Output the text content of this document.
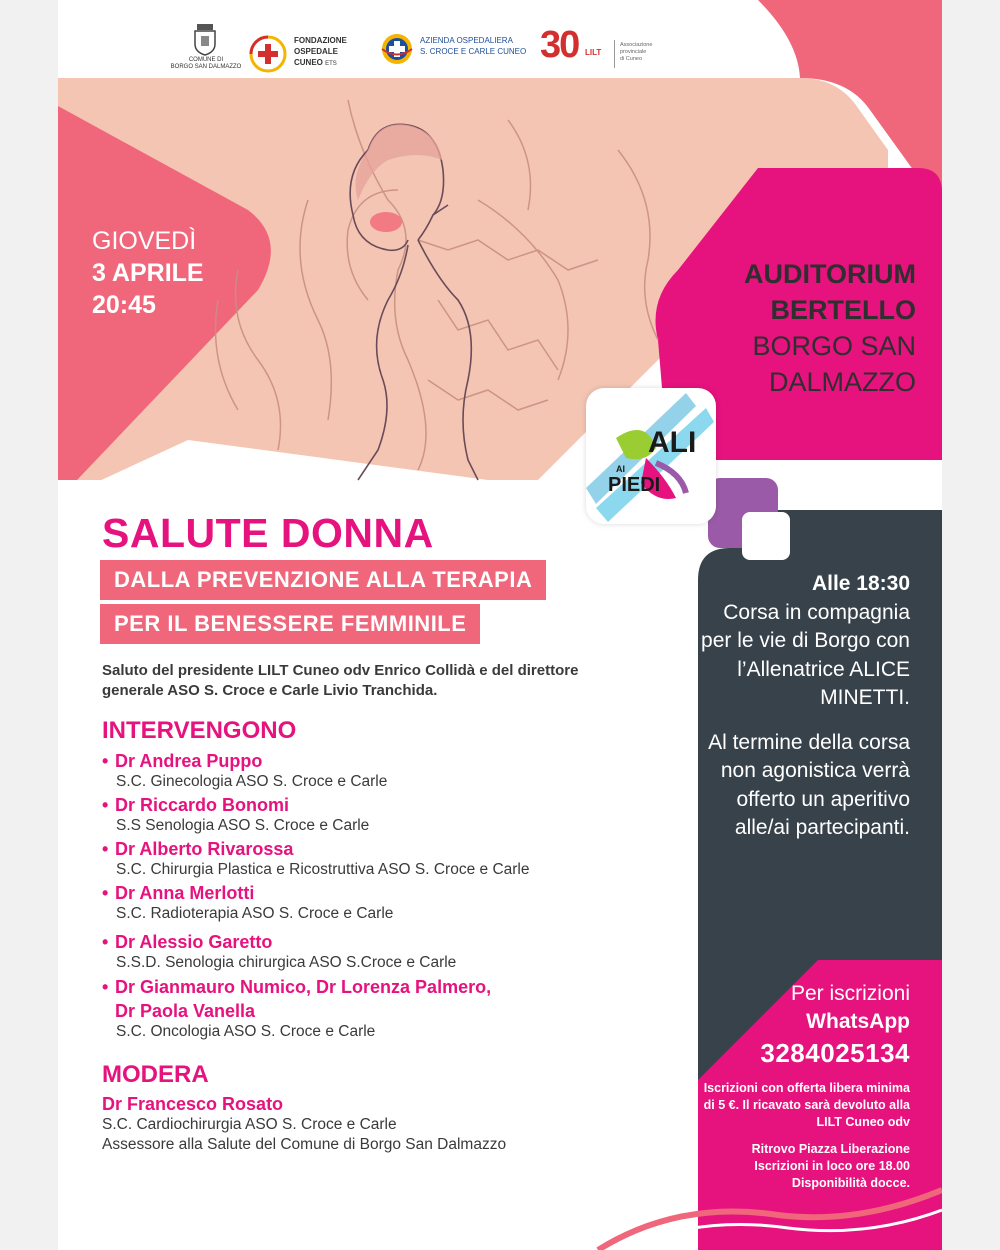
COMUNE DI
BORGO SAN DALMAZZO
FONDAZIONE
OSPEDALE
CUNEO ETS
AZIENDA OSPEDALIERA
S. CROCE E CARLE CUNEO 30 LILT
Associazione
provinciale
di Cuneo
GIOVEDÌ
3 APRILE
20:45
AUDITORIUM
BERTELLO
BORGO SAN
DALMAZZO
ALI
AI
PIEDI
SALUTE DONNA
DALLA PREVENZIONE ALLA TERAPIA
PER IL BENESSERE FEMMINILE
Saluto del presidente LILT Cuneo odv Enrico Collidà e del direttore generale ASO S. Croce e Carle Livio Tranchida.
INTERVENGONO
• Dr Andrea Puppo
S.C. Ginecologia ASO S. Croce e Carle
• Dr Riccardo Bonomi
S.S Senologia ASO S. Croce e Carle
• Dr Alberto Rivarossa
S.C. Chirurgia Plastica e Ricostruttiva ASO S. Croce e Carle
• Dr Anna Merlotti
S.C. Radioterapia ASO S. Croce e Carle
• Dr Alessio Garetto
S.S.D. Senologia chirurgica ASO S.Croce e Carle
• Dr Gianmauro Numico, Dr Lorenza Palmero,
Dr Paola Vanella
S.C. Oncologia ASO S. Croce e Carle
MODERA
Dr Francesco Rosato
S.C. Cardiochirurgia ASO S. Croce e Carle
Assessore alla Salute del Comune di Borgo San Dalmazzo
Alle 18:30

Corsa in compagnia per le vie di Borgo con l’Allenatrice ALICE MINETTI.

Al termine della corsa non agonistica verrà offerto un aperitivo alle/ai partecipanti.

Per iscrizioni
WhatsApp
3284025134
Iscrizioni con offerta libera minima di 5 €. Il ricavato sarà devoluto alla LILT Cuneo odv

Ritrovo Piazza Liberazione

Iscrizioni in loco ore 18.00

Disponibilità docce.
